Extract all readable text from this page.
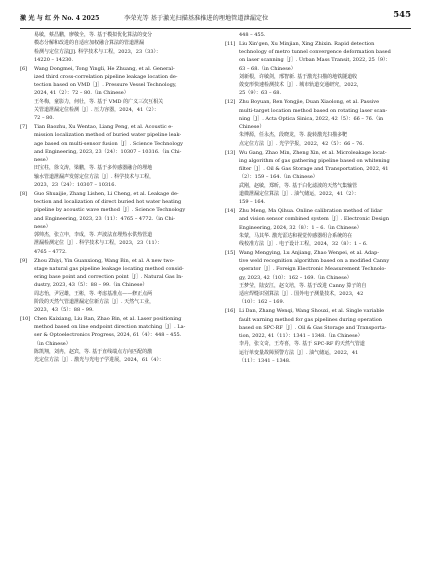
激 光 与 红 外 No. 4 2025	李荣光等 基于激光扫描基准推进的埋地管道泄漏定位	545
易敏，蔡昌鹏，廖敬全，等. 基于模拟优化算法的变分
模态分解和改进的自适应加权融合算法的管道泄漏
检测与定位方法[J]. 科学技术与工程，2023，23（33）：
14220 – 14230.
[6]	Wang Dongmei, Tong Yingli, He Zhuang, et al. General-
ized third cross-correlation pipeline leakage location de-
tection based on VMD［J］. Pressure Vessel Technology,
2024, 41（2）：72 – 80.（in Chinese）
王冬梅，童影力，何壮，等. 基于 VMD 的广义三次互相关
关管道泄漏定位检测［J］. 压力容器，2024，41（2）：
72 – 80.
[7]	Tian Baozhu, Xu Wentao, Liang Peng, et al. Acoustic e-
mission localization method of buried water pipeline leak-
age based on multi-sensor fusion［J］. Science Technology
and Engineering, 2023, 23（24）：10307 – 10316.（in Chi-
nese）
田宝柱，徐文涛，梁鹏，等. 基于多传感器融合的埋地
输水管道泄漏声发射定位方法［J］. 科学技术与工程，
2023，23（24）：10307 – 10316.
[8]	Guo Shuaijie, Zhang Lishen, Li Cheng, et al. Leakage de-
tection and localization of direct buried hot water heating
pipeline by acoustic wave method［J］. Science Technology
and Engineering, 2023, 23（11）：4765 – 4772.（in Chi-
nese）
郭帅杰，张立申，李成，等. 声波法直埋热水供热管道
泄漏检测定位［J］. 科学技术与工程，2023，23（11）：
4765 – 4772.
[9]	Zhou Zhiyi, Yin Guanxiong, Wang Bin, et al. A new two-
stage natural gas pipeline leakage locating method consid-
ering base point and correction point［J］. Natural Gas In-
dustry, 2023, 43（5）：88 – 99.（in Chinese）
周志怡，尹冠雄，王彬，等. 考虑基准点——修正点两
阶段的天然气管道泄漏定位新方法［J］. 天然气工业，
2023，43（5）：88 – 99.
[10] Chen Kaixiang, Liu Ran, Zhao Bin, et al. Laser positioning
method based on line endpoint direction matching［J］. La-
ser & Optoelectronics Progress, 2024, 61（4）：448 – 455.
（in Chinese）
陈凯翔，刘冉，赵宾，等. 基于直线端点方向匹配的激
光定位方法［J］. 激光与光电子学进展，2024，61（4）：
448 – 455.
[11] Liu Xin'gen, Xu Minjian, Xing Zhixin. Rapid detection
technology of metro tunnel convergence deformation based
on laser scanning［J］. Urban Mass Transit, 2022, 25（9）：
63 – 68.（in Chinese）
刘新根，许敏剑，邢智新. 基于激光扫描的地铁隧道收
敛变形快速检测技术［J］. 城市轨道交通研究，2022，
25（9）：63 – 68.
[12] Zhu Boyuan, Ren Yongjie, Duan Xiaolong, et al. Passive
multi-target location method based on rotating laser scan-
ning［J］. Acta Optica Sinica, 2022, 42（5）：66 – 76.（in
Chinese）
朱博源，任永杰，段晓龙，等. 旋转激光扫描多靶
点定位方法［J］. 光学学报，2022，42（5）：66 – 76.
[13] Wu Gang, Zhao Min, Zheng Xin, et al. Microleakage locat-
ing algorithm of gas gathering pipeline based on whitening
filter［J］. Oil & Gas Storage and Transportation, 2022, 41
（2）：159 – 164.（in Chinese）
武刚，赵敏，郑昕，等. 基于白化滤波的天然气集输管
道微泄漏定位算法［J］. 油气储运，2022，41（2）：
159 – 164.
[14] Zhu Meng, Ma Qihua. Online calibration method of lidar
and vision sensor combined system［J］. Electronic Design
Engineering, 2024, 32（8）：1 – 6.（in Chinese）
朱蒙，马其华. 激光雷达和视觉传感器组合系统的在
线校准方法［J］. 电子设计工程，2024，32（8）：1 – 6.
[15] Wang Mengying, Lu Anjiang, Zhao Wenpei, et al. Adap-
tive weld recognition algorithm based on a modified Canny
operator［J］. Foreign Electronic Measurement Technolo-
gy, 2023, 42（10）：162 – 169.（in Chinese）
王梦莹，陆安江，赵文培，等. 基于改进 Canny 算子的自
适应焊缝识别算法［J］. 国外电子测量技术，2023，42
（10）：162 – 169.
[16] Li Dan, Zhang Wenqi, Wang Shouxi, et al. Single variable
fault warning method for gas pipelines during operation
based on SPC-RF［J］. Oil & Gas Storage and Transporta-
tion, 2022, 41（11）：1341 – 1348.（in Chinese）
李丹，张文奇，王寿喜，等. 基于 SPC-RF 的天然气管道
运行单变量故障预警方法［J］. 油气储运，2022，41
（11）：1341 – 1348.
